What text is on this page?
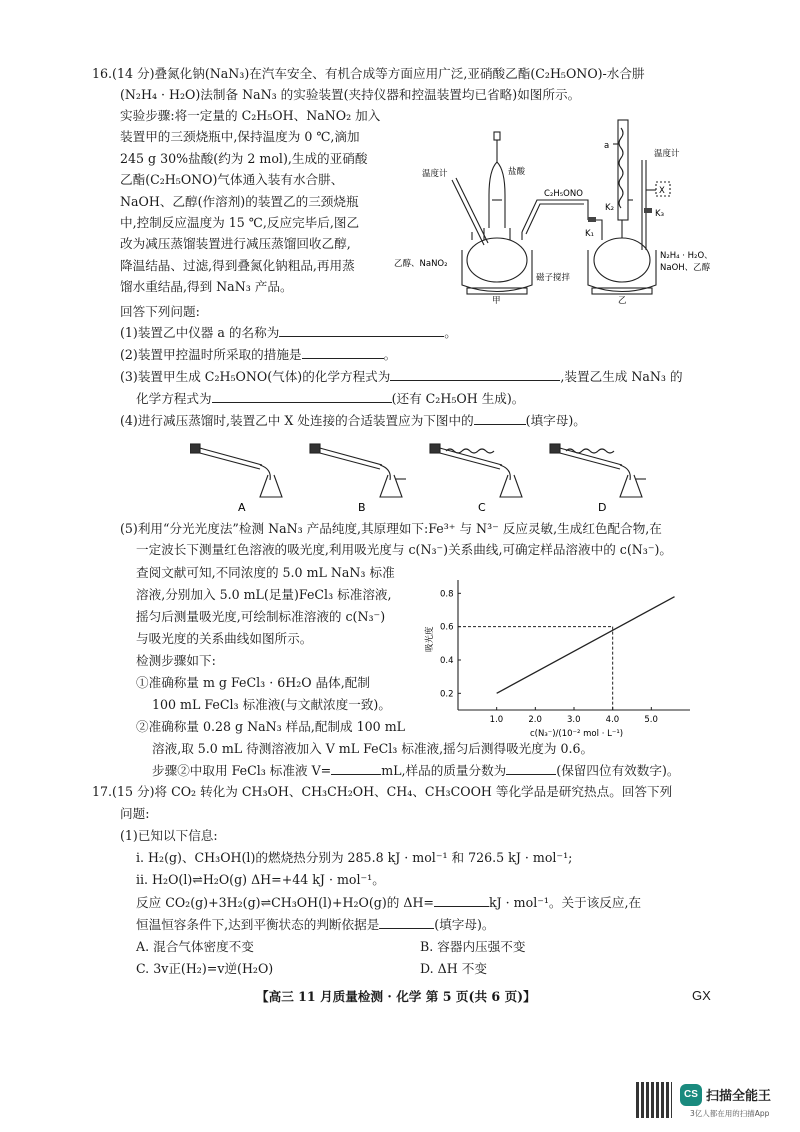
16.(14 分)叠氮化钠(NaN₃)在汽车安全、有机合成等方面应用广泛,亚硝酸乙酯(C₂H₅ONO)-水合肼
(N₂H₄ · H₂O)法制备 NaN₃ 的实验装置(夹持仪器和控温装置均已省略)如图所示。
实验步骤:将一定量的 C₂H₅OH、NaNO₂ 加入
装置甲的三颈烧瓶中,保持温度为 0 ℃,滴加
245 g 30%盐酸(约为 2 mol),生成的亚硝酸
乙酯(C₂H₅ONO)气体通入装有水合肼、
NaOH、乙醇(作溶剂)的装置乙的三颈烧瓶
中,控制反应温度为 15 ℃,反应完毕后,图乙
改为减压蒸馏装置进行减压蒸馏回收乙醇,
降温结晶、过滤,得到叠氮化钠粗品,再用蒸
馏水重结晶,得到 NaN₃ 产品。
回答下列问题:
温度计	盐酸
C₂H₅ONO
a
温度计
X
K₁
K₂
K₃
乙醇、NaNO₂
N₂H₄ · H₂O、
NaOH、乙醇
磁子搅拌
甲	乙
(1)装置乙中仪器 a 的名称为	。
(2)装置甲控温时所采取的措施是	。
(3)装置甲生成 C₂H₅ONO(气体)的化学方程式为	,装置乙生成 NaN₃ 的
化学方程式为	(还有 C₂H₅OH 生成)。
(4)进行减压蒸馏时,装置乙中 X 处连接的合适装置应为下图中的	(填字母)。
A	B	C	D
(5)利用“分光光度法”检测 NaN₃ 产品纯度,其原理如下:Fe³⁺ 与 N³⁻ 反应灵敏,生成红色配合物,在
一定波长下测量红色溶液的吸光度,利用吸光度与 c(N₃⁻)关系曲线,可确定样品溶液中的 c(N₃⁻)。
查阅文献可知,不同浓度的 5.0 mL NaN₃ 标准
溶液,分别加入 5.0 mL(足量)FeCl₃ 标准溶液,
摇匀后测量吸光度,可绘制标准溶液的 c(N₃⁻)
与吸光度的关系曲线如图所示。
检测步骤如下:
①准确称量 m g FeCl₃ · 6H₂O 晶体,配制
100 mL FeCl₃ 标准液(与文献浓度一致)。
②准确称量 0.28 g NaN₃ 样品,配制成 100 mL
溶液,取 5.0 mL 待测溶液加入 V mL FeCl₃ 标准液,摇匀后测得吸光度为 0.6。
步骤②中取用 FeCl₃ 标准液 V=	mL,样品的质量分数为	(保留四位有效数字)。
1.0	2.0	3.0	4.0	5.0
0.2
0.4
0.6
0.8
c(N₃⁻)/(10⁻² mol · L⁻¹)
吸光度
17.(15 分)将 CO₂ 转化为 CH₃OH、CH₃CH₂OH、CH₄、CH₃COOH 等化学品是研究热点。回答下列
问题:
(1)已知以下信息:
ⅰ. H₂(g)、CH₃OH(l)的燃烧热分别为 285.8 kJ · mol⁻¹ 和 726.5 kJ · mol⁻¹;
ⅱ. H₂O(l)⇌H₂O(g) ΔH=+44 kJ · mol⁻¹。
反应 CO₂(g)+3H₂(g)⇌CH₃OH(l)+H₂O(g)的 ΔH=	kJ · mol⁻¹。关于该反应,在
恒温恒容条件下,达到平衡状态的判断依据是	(填字母)。
A. 混合气体密度不变	B. 容器内压强不变
C. 3v正(H₂)=v逆(H₂O)	D. ΔH 不变
【高三 11 月质量检测 · 化学 第 5 页(共 6 页)】	GX
CS 扫描全能王
3亿人都在用的扫描App
